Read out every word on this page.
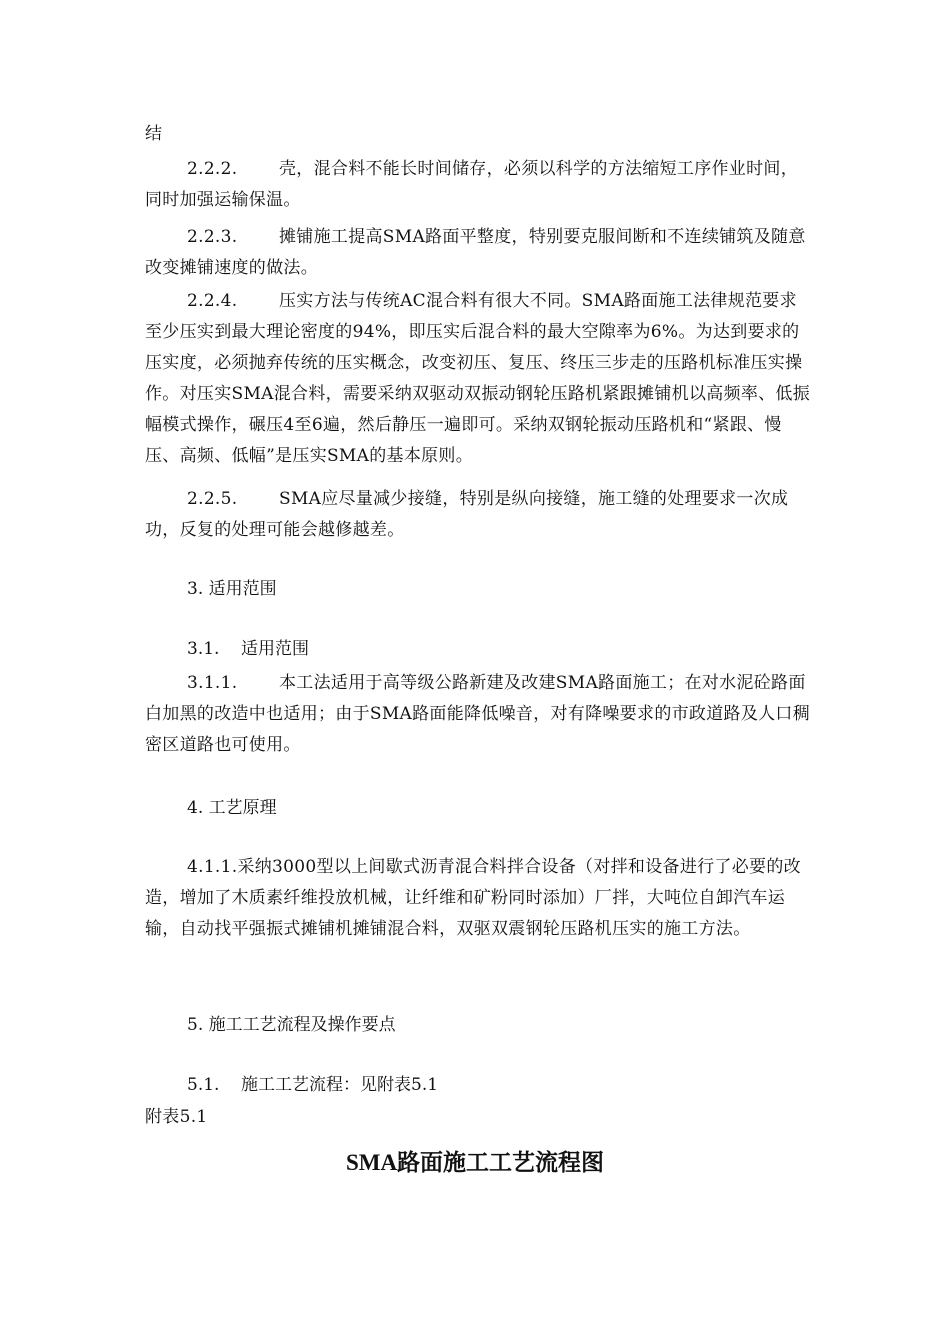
结
2.2.2. 壳，混合料不能长时间储存，必须以科学的方法缩短工序作业时间，同时加强运输保温。
2.2.3. 摊铺施工提高SMA路面平整度，特别要克服间断和不连续铺筑及随意改变摊铺速度的做法。
2.2.4. 压实方法与传统AC混合料有很大不同。SMA路面施工法律规范要求至少压实到最大理论密度的94%，即压实后混合料的最大空隙率为6%。为达到要求的压实度，必须抛弃传统的压实概念，改变初压、复压、终压三步走的压路机标准压实操作。对压实SMA混合料，需要采纳双驱动双振动钢轮压路机紧跟摊铺机以高频率、低振幅模式操作，碾压4至6遍，然后静压一遍即可。采纳双钢轮振动压路机和“紧跟、慢压、高频、低幅”是压实SMA的基本原则。
2.2.5. SMA应尽量减少接缝，特别是纵向接缝，施工缝的处理要求一次成功，反复的处理可能会越修越差。
3. 适用范围
3.1. 适用范围
3.1.1. 本工法适用于高等级公路新建及改建SMA路面施工；在对水泥砼路面白加黑的改造中也适用；由于SMA路面能降低噪音，对有降噪要求的市政道路及人口稠密区道路也可使用。
4. 工艺原理
4.1.1.采纳3000型以上间歇式沥青混合料拌合设备（对拌和设备进行了必要的改造，增加了木质素纤维投放机械，让纤维和矿粉同时添加）厂拌，大吨位自卸汽车运输，自动找平强振式摊铺机摊铺混合料，双驱双震钢轮压路机压实的施工方法。
5. 施工工艺流程及操作要点
5.1. 施工工艺流程：见附表5.1
附表5.1
SMA路面施工工艺流程图
